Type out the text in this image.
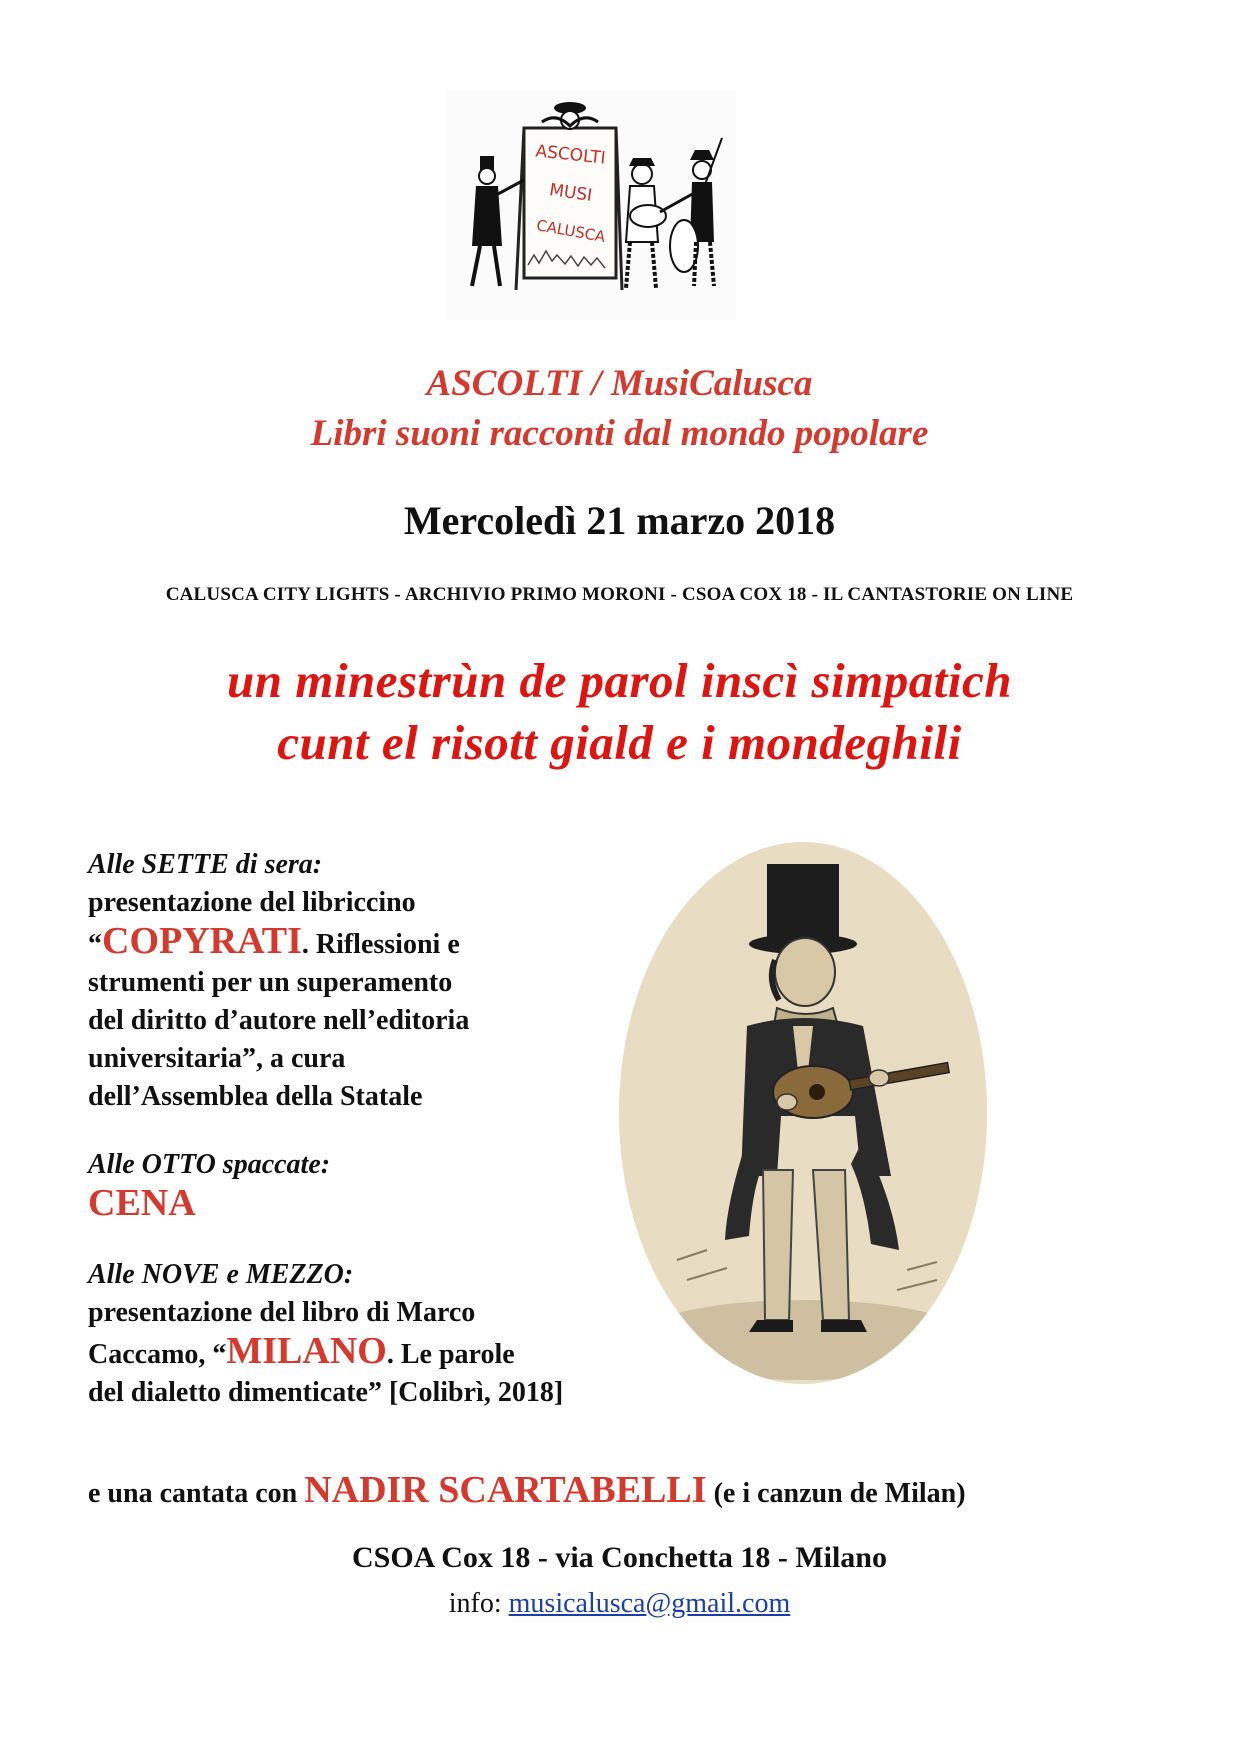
ASCOLTI
MUSI
CALUSCA
ASCOLTI / MusiCalusca
Libri suoni racconti dal mondo popolare
Mercoledì 21 marzo 2018
CALUSCA CITY LIGHTS - ARCHIVIO PRIMO MORONI - CSOA COX 18 - IL CANTASTORIE ON LINE
un minestrùn de parol inscì simpatich
cunt el risott giald e i mondeghili
Alle SETTE di sera:
presentazione del libriccino
“COPYRATI. Riflessioni e
strumenti per un superamento
del diritto d’autore nell’editoria
universitaria”, a cura
dell’Assemblea della Statale
Alle OTTO spaccate:
CENA
Alle NOVE e MEZZO:
presentazione del libro di Marco
Caccamo, “MILANO. Le parole
del dialetto dimenticate” [Colibrì, 2018]
e una cantata con NADIR SCARTABELLI (e i canzun de Milan)
CSOA Cox 18 - via Conchetta 18 - Milano
info: musicalusca@gmail.com
